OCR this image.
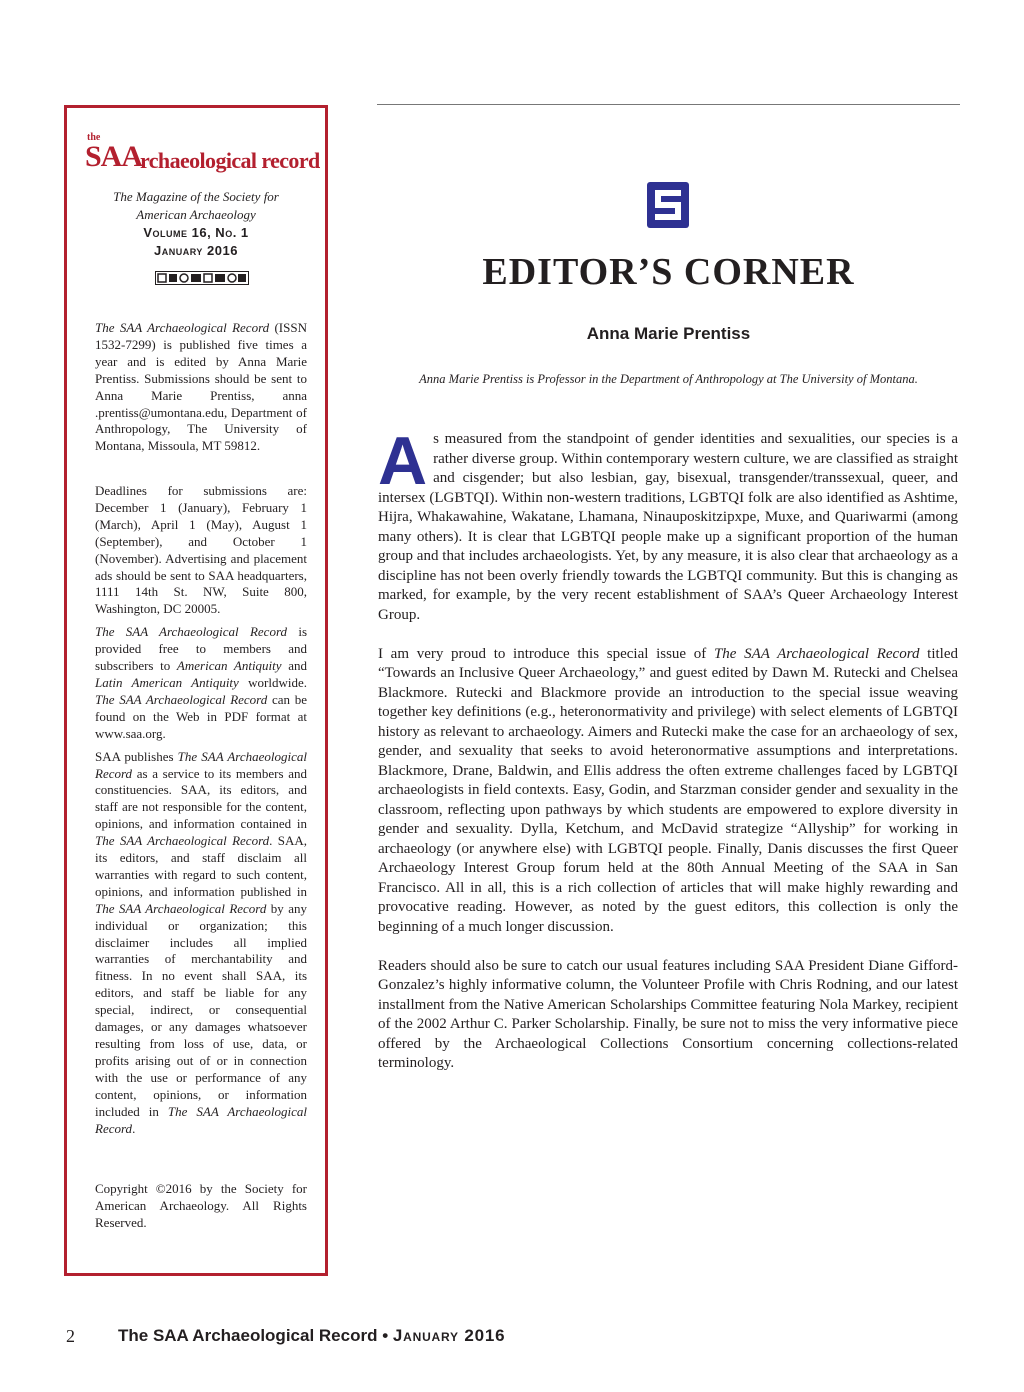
the
SAA
rchaeological record
The Magazine of the Society for
American Archaeology
Volume 16, No. 1
January 2016

The SAA Archaeological Record (ISSN 1532-7299) is published five times a year and is edited by Anna Marie Prentiss. Submissions should be sent to Anna Marie Prentiss, anna .prentiss@umontana.edu, Department of Anthropology, The University of Montana, Missoula, MT 59812.

Deadlines for submissions are: December 1 (January), February 1 (March), April 1 (May), August 1 (September), and October 1 (November). Advertising and placement ads should be sent to SAA headquarters, 1111 14th St. NW, Suite 800, Washington, DC 20005.

The SAA Archaeological Record is provided free to members and subscribers to American Antiquity and Latin American Antiquity worldwide. The SAA Archaeological Record can be found on the Web in PDF format at www.saa.org.

SAA publishes The SAA Archaeological Record as a service to its members and constituencies. SAA, its editors, and staff are not responsible for the content, opinions, and information contained in The SAA Archaeological Record. SAA, its editors, and staff disclaim all warranties with regard to such content, opinions, and information published in The SAA Archaeological Record by any individual or organization; this disclaimer includes all implied warranties of merchantability and fitness. In no event shall SAA, its editors, and staff be liable for any special, indirect, or consequential damages, or any damages whatsoever resulting from loss of use, data, or profits arising out of or in connection with the use or performance of any content, opinions, or information included in The SAA Archaeological Record.

Copyright ©2016 by the Society for American Archaeology. All Rights Reserved.

EDITOR’S CORNER
Anna Marie Prentiss
Anna Marie Prentiss is Professor in the Department of Anthropology at The University of Montana.

As measured from the standpoint of gender identities and sexualities, our species is a rather diverse group. Within contemporary western culture, we are classified as straight and cisgender; but also lesbian, gay, bisexual, transgender/transsexual, queer, and intersex (LGBTQI). Within non-western traditions, LGBTQI folk are also identified as Ashtime, Hijra, Whakawahine, Wakatane, Lhamana, Ninauposkitzipxpe, Muxe, and Quariwarmi (among many others). It is clear that LGBTQI people make up a significant proportion of the human group and that includes archaeologists. Yet, by any measure, it is also clear that archaeology as a discipline has not been overly friendly towards the LGBTQI community. But this is changing as marked, for example, by the very recent establishment of SAA’s Queer Archaeology Interest Group.

I am very proud to introduce this special issue of The SAA Archaeological Record titled “Towards an Inclusive Queer Archaeology,” and guest edited by Dawn M. Rutecki and Chelsea Blackmore. Rutecki and Blackmore provide an introduction to the special issue weaving together key definitions (e.g., heteronormativity and privilege) with select elements of LGBTQI history as relevant to archaeology. Aimers and Rutecki make the case for an archaeology of sex, gender, and sexuality that seeks to avoid heteronormative assumptions and interpretations. Blackmore, Drane, Baldwin, and Ellis address the often extreme challenges faced by LGBTQI archaeologists in field contexts. Easy, Godin, and Starzman consider gender and sexuality in the classroom, reflecting upon pathways by which students are empowered to explore diversity in gender and sexuality. Dylla, Ketchum, and McDavid strategize “Allyship” for working in archaeology (or anywhere else) with LGBTQI people. Finally, Danis discusses the first Queer Archaeology Interest Group forum held at the 80th Annual Meeting of the SAA in San Francisco. All in all, this is a rich collection of articles that will make highly rewarding and provocative reading. However, as noted by the guest editors, this collection is only the beginning of a much longer discussion.

Readers should also be sure to catch our usual features including SAA President Diane Gifford-Gonzalez’s highly informative column, the Volunteer Profile with Chris Rodning, and our latest installment from the Native American Scholarships Committee featuring Nola Markey, recipient of the 2002 Arthur C. Parker Scholarship. Finally, be sure not to miss the very informative piece offered by the Archaeological Collections Consortium concerning collections-related terminology.

2	The SAA Archaeological Record • January 2016
